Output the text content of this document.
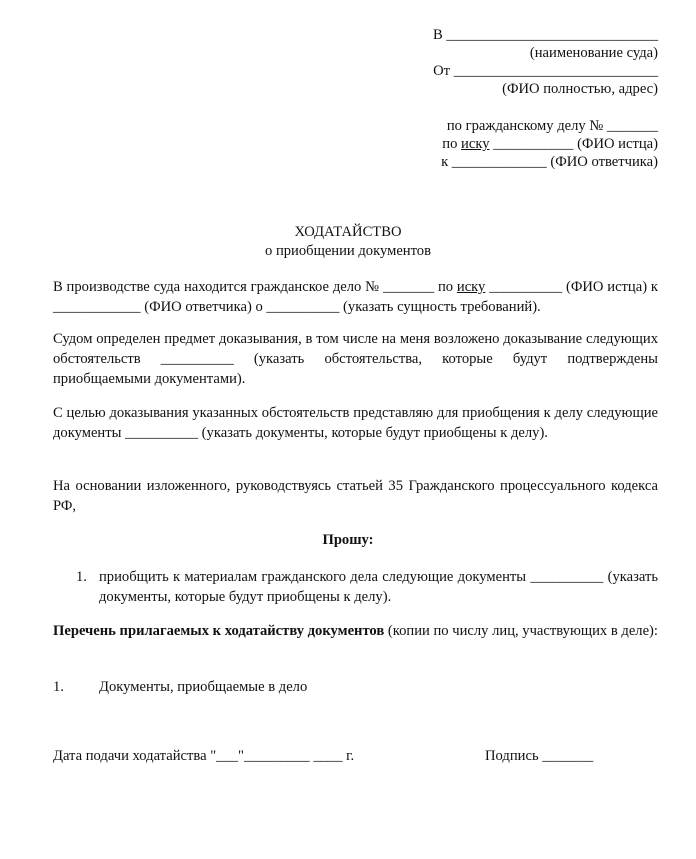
В _____________________________
(наименование суда)
От ____________________________
(ФИО полностью, адрес)
по гражданскому делу № _______
по иску ___________ (ФИО истца)
к _____________ (ФИО ответчика)
ХОДАТАЙСТВО
о приобщении документов
В производстве суда находится гражданское дело № _______ по иску __________ (ФИО истца) к ____________ (ФИО ответчика) о __________ (указать сущность требований).
Судом определен предмет доказывания, в том числе на меня возложено доказывание следующих обстоятельств __________ (указать обстоятельства, которые будут подтверждены приобщаемыми документами).
С целью доказывания указанных обстоятельств представляю для приобщения к делу следующие документы __________ (указать документы, которые будут приобщены к делу).
На основании изложенного, руководствуясь статьей 35 Гражданского процессуального кодекса РФ,
Прошу:
1. приобщить к материалам гражданского дела следующие документы __________ (указать документы, которые будут приобщены к делу).
Перечень прилагаемых к ходатайству документов (копии по числу лиц, участвующих в деле):
1. Документы, приобщаемые в дело
Дата подачи ходатайства "___"_________ ____ г.	Подпись _______
